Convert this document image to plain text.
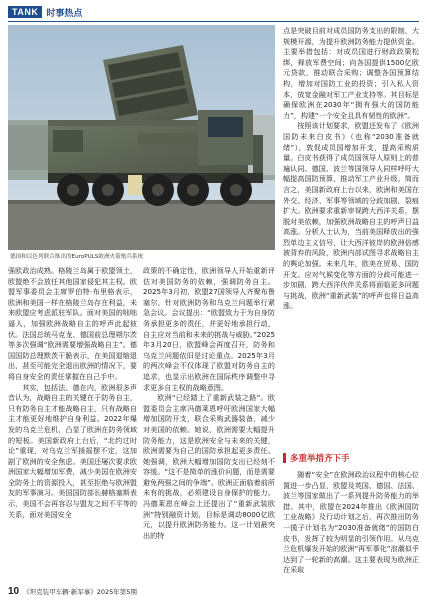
TANK 时事热点
德国和以色列联合推出的EuroPULS欧洲火箭炮兵系统

点是突破目前对成员国防务支出的限制，大规模开源，为提升欧洲防务能力提供资金。主要举措包括：对成员国进行财政政策松绑，释放军费空间；向各国提供1500亿欧元贷款，推动联合采购；调整各国预算结构，增加对国防工业的投资；引入私人资本，放宽金融对军工产业支持等。其目标是确保欧洲在2030年“拥有强大的国防能力”，构建“一个安全且具有韧性的欧洲”。

按照该计划要求，欧盟还发布了《欧洲国防未来白皮书》（也称“2030准备就绪”），敦促成员国增加开支，提高采购质量。白皮书获得了成员国领导人原则上的普遍认同。德国、波兰等国领导人同样呼吁大幅提高国防预算，推动军工产业升级。简而言之，美国新政府上台以来，欧洲和美国在外交、经济、军事等领域的分歧加剧，裂痕扩大。欧洲要求重新审视跨大西洋关系，摆脱对美依赖，加强欧洲战略自主的呼声日益高涨。分析人士认为，当前美国释放出的强烈单边主义信号，让大西洋彼岸的欧洲倍感被背弃的风险，欧洲内部试图寻求战略自主的舆论加强。未来几年，欧美在贸易、国防开支、应对气候变化等方面的分歧可能进一步加剧，跨大西洋伙伴关系将面临更多问题与挑战，欧洲“重新武装”的呼声也将日益高涨。

多重举措齐下手

随着“安全”在欧洲政治议程中的核心位置进一步凸显，欧盟及英国、德国、法国、波兰等国家做出了一系列提升防务能力的举措。其中，欧盟在2024年推出《欧洲国防工业战略》及行动计划之后，再次推出防务一揽子计划名为“2030准备就绪”的国防白皮书，发挥了较为明显的引领作用。从乌克兰危机爆发开始的欧洲“再军事化”浪潮似乎达到了一轮新的高潮。这主要表现为欧洲正在采取

强欧政治成熟。格陵兰岛属于欧盟领土，欧盟绝不会放任其他国家侵犯其主权。欧盟军事委员会主席罗伯特·布里格表示，欧洲和美国一样在格陵兰岛存在利益，未来欧盟应考虑派驻军队。面对美国的咄咄逼人，加强欧洲战略自主的呼声此起彼伏。法国总统马克龙、德国前总理朔尔茨等多次强调“欧洲需要增强战略自主”。德国国防总理默茨干脆表示，在美国退缩退出，甚至可能完全退出欧洲的情况下，要将自身安全的责任掌握在自己手中。

其实，包括法、德在内，欧洲很多声音认为，战略自主的关键在于防务自主，只有防务自主才能战略自主，只有战略自主才能更好地维护自身利益。2022年爆发的乌克兰危机，凸显了欧洲在防务领域的短板。美国新政府上台后，“北约过时论”重现，对乌克兰军援摇摆不定，这加剧了欧洲的安全焦虑。美国还屡次要求欧洲国家大幅增加军费，减少美国在欧洲安全防务上的资源投入，甚至拒绝与欧洲盟友的军事演习。美国国防部长赫格塞斯表示，美国不会再容忍与盟友之间不平等的关系，面对美国安全

政策的不确定性，欧洲领导人开始重新评估对美国防务的依赖，强调防务自主。2025年3月初，欧盟27国领导人齐聚布鲁塞尔，针对欧洲防务和乌克兰问题举行紧急会议。会议提出：“欧盟致力于为自身防务承担更多的责任，并更好地承担行动，自主应对当前和未来的挑战与威胁。”2025年3月20日，欧盟峰会再度召开，防务和乌克兰问题依旧是讨论重点。2025年3月的两次峰会不仅体现了欧盟对防务自主的追求，也显示出欧洲在国际秩序调整中寻求更多自主权的战略意图。

欧洲“已经踏上了重新武装之路”。欧盟委员会主席冯德莱恩呼吁欧洲国家大幅增加国防开支，联合采购武器装备，减少对美国的依赖。她说，欧洲需要大幅提升防务能力，这是欧洲安全与未来的关键，欧洲需要为自己的国防承担起更多责任。她强调，欧洲大幅增加国防支出已经刻不容缓。“这不是简单的涨价问题，而是需要避免两强之间的争端”。欧洲正面临着前所未有的挑战，必须建设自身保护的能力。冯德莱恩在峰会上还提出了“重新武装欧洲”特别融资计划，目标是调动8000亿欧元，以提升欧洲防务能力。这一计划最突出的特

10 《坦克装甲车辆·新军事》2025年第5期
